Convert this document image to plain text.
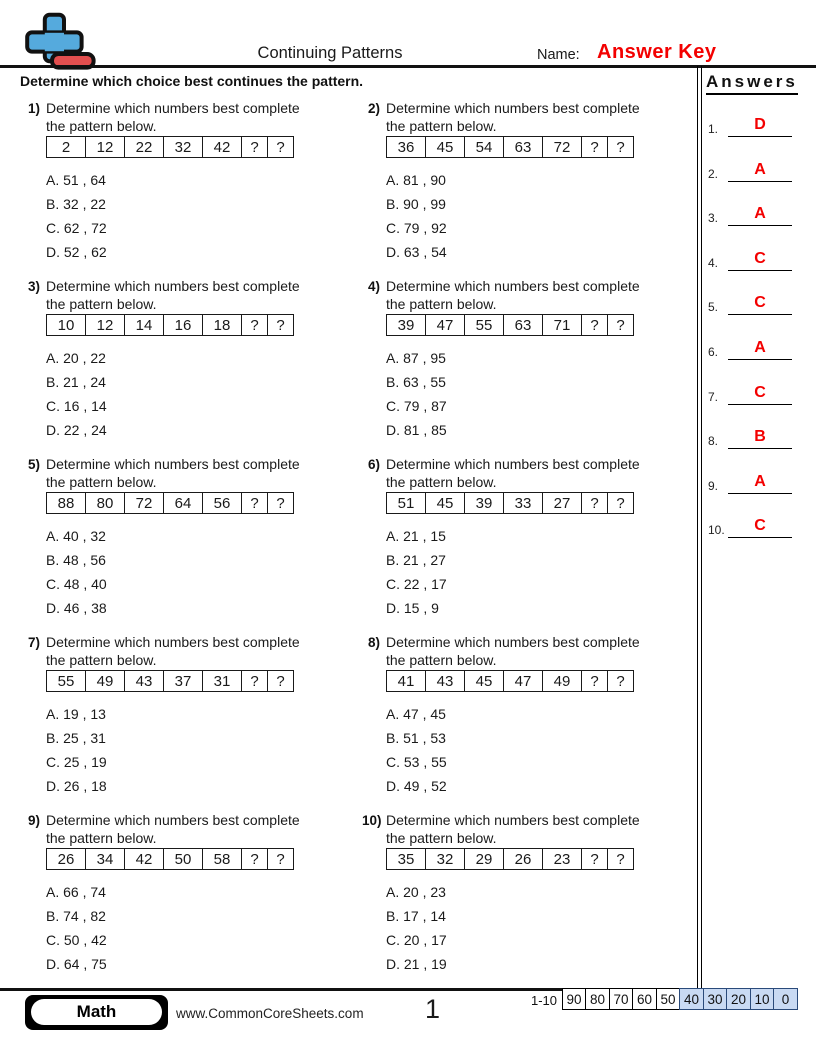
Continuing Patterns	Name: Answer Key
Determine which choice best continues the pattern.
1) Determine which numbers best complete
the pattern below.
2	12	22	32	42	?	?
A. 51 , 64
B. 32 , 22
C. 62 , 72
D. 52 , 62
2) Determine which numbers best complete
the pattern below.
36	45	54	63	72	?	?
A. 81 , 90
B. 90 , 99
C. 79 , 92
D. 63 , 54
3) Determine which numbers best complete
the pattern below.
10	12	14	16	18	?	?
A. 20 , 22
B. 21 , 24
C. 16 , 14
D. 22 , 24
4) Determine which numbers best complete
the pattern below.
39	47	55	63	71	?	?
A. 87 , 95
B. 63 , 55
C. 79 , 87
D. 81 , 85
5) Determine which numbers best complete
the pattern below.
88	80	72	64	56	?	?
A. 40 , 32
B. 48 , 56
C. 48 , 40
D. 46 , 38
6) Determine which numbers best complete
the pattern below.
51	45	39	33	27	?	?
A. 21 , 15
B. 21 , 27
C. 22 , 17
D. 15 , 9
7) Determine which numbers best complete
the pattern below.
55	49	43	37	31	?	?
A. 19 , 13
B. 25 , 31
C. 25 , 19
D. 26 , 18
8) Determine which numbers best complete
the pattern below.
41	43	45	47	49	?	?
A. 47 , 45
B. 51 , 53
C. 53 , 55
D. 49 , 52
9) Determine which numbers best complete
the pattern below.
26	34	42	50	58	?	?
A. 66 , 74
B. 74 , 82
C. 50 , 42
D. 64 , 75
10) Determine which numbers best complete
the pattern below.
35	32	29	26	23	?	?
A. 20 , 23
B. 17 , 14
C. 20 , 17
D. 21 , 19
Answers
1.	D
2.	A
3.	A
4.	C
5.	C
6.	A
7.	C
8.	B
9.	A
10.	C
Math	www.CommonCoreSheets.com 1	1-10 90 80 70 60 50 40 30 20 10 0
